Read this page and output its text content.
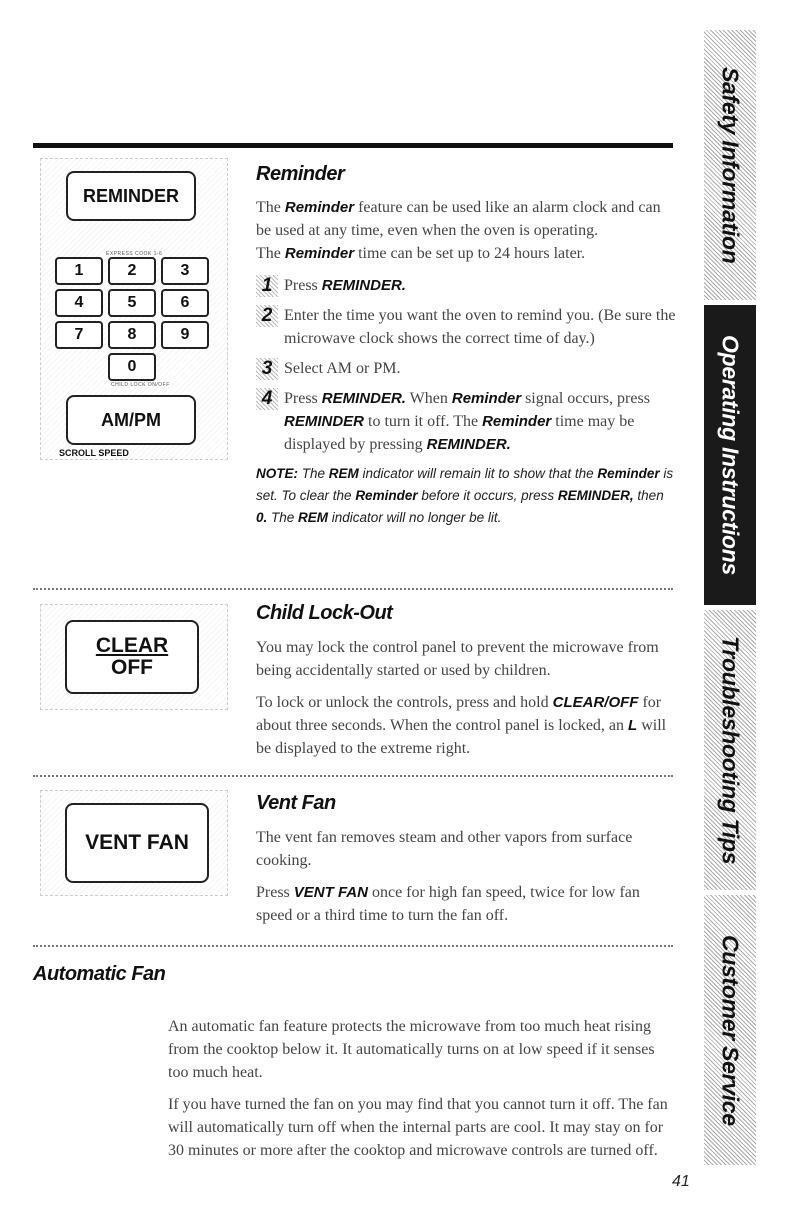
Safety Information
Operating Instructions
Troubleshooting Tips
Customer Service
REMINDER
EXPRESS COOK 1-6
1	2	3
4	5	6
7	8	9
0
CHILD LOCK ON/OFF
AM/PM
SCROLL SPEED
Reminder

The Reminder feature can be used like an alarm clock and can be used at any time, even when the oven is operating.
The Reminder time can be set up to 24 hours later.

1 Press REMINDER.
2 Enter the time you want the oven to remind you. (Be sure the microwave clock shows the correct time of day.)
3 Select AM or PM.
4 Press REMINDER. When Reminder signal occurs, press REMINDER to turn it off. The Reminder time may be displayed by pressing REMINDER.
NOTE: The REM indicator will remain lit to show that the Reminder is set. To clear the Reminder before it occurs, press REMINDER, then 0. The REM indicator will no longer be lit.
CLEAR
OFF
Child Lock-Out

You may lock the control panel to prevent the microwave from being accidentally started or used by children.

To lock or unlock the controls, press and hold CLEAR/OFF for about three seconds. When the control panel is locked, an L will be displayed to the extreme right.

VENT FAN
Vent Fan

The vent fan removes steam and other vapors from surface cooking.

Press VENT FAN once for high fan speed, twice for low fan speed or a third time to turn the fan off.

Automatic Fan

An automatic fan feature protects the microwave from too much heat rising from the cooktop below it. It automatically turns on at low speed if it senses too much heat.

If you have turned the fan on you may find that you cannot turn it off. The fan will automatically turn off when the internal parts are cool. It may stay on for 30 minutes or more after the cooktop and microwave controls are turned off.

41
